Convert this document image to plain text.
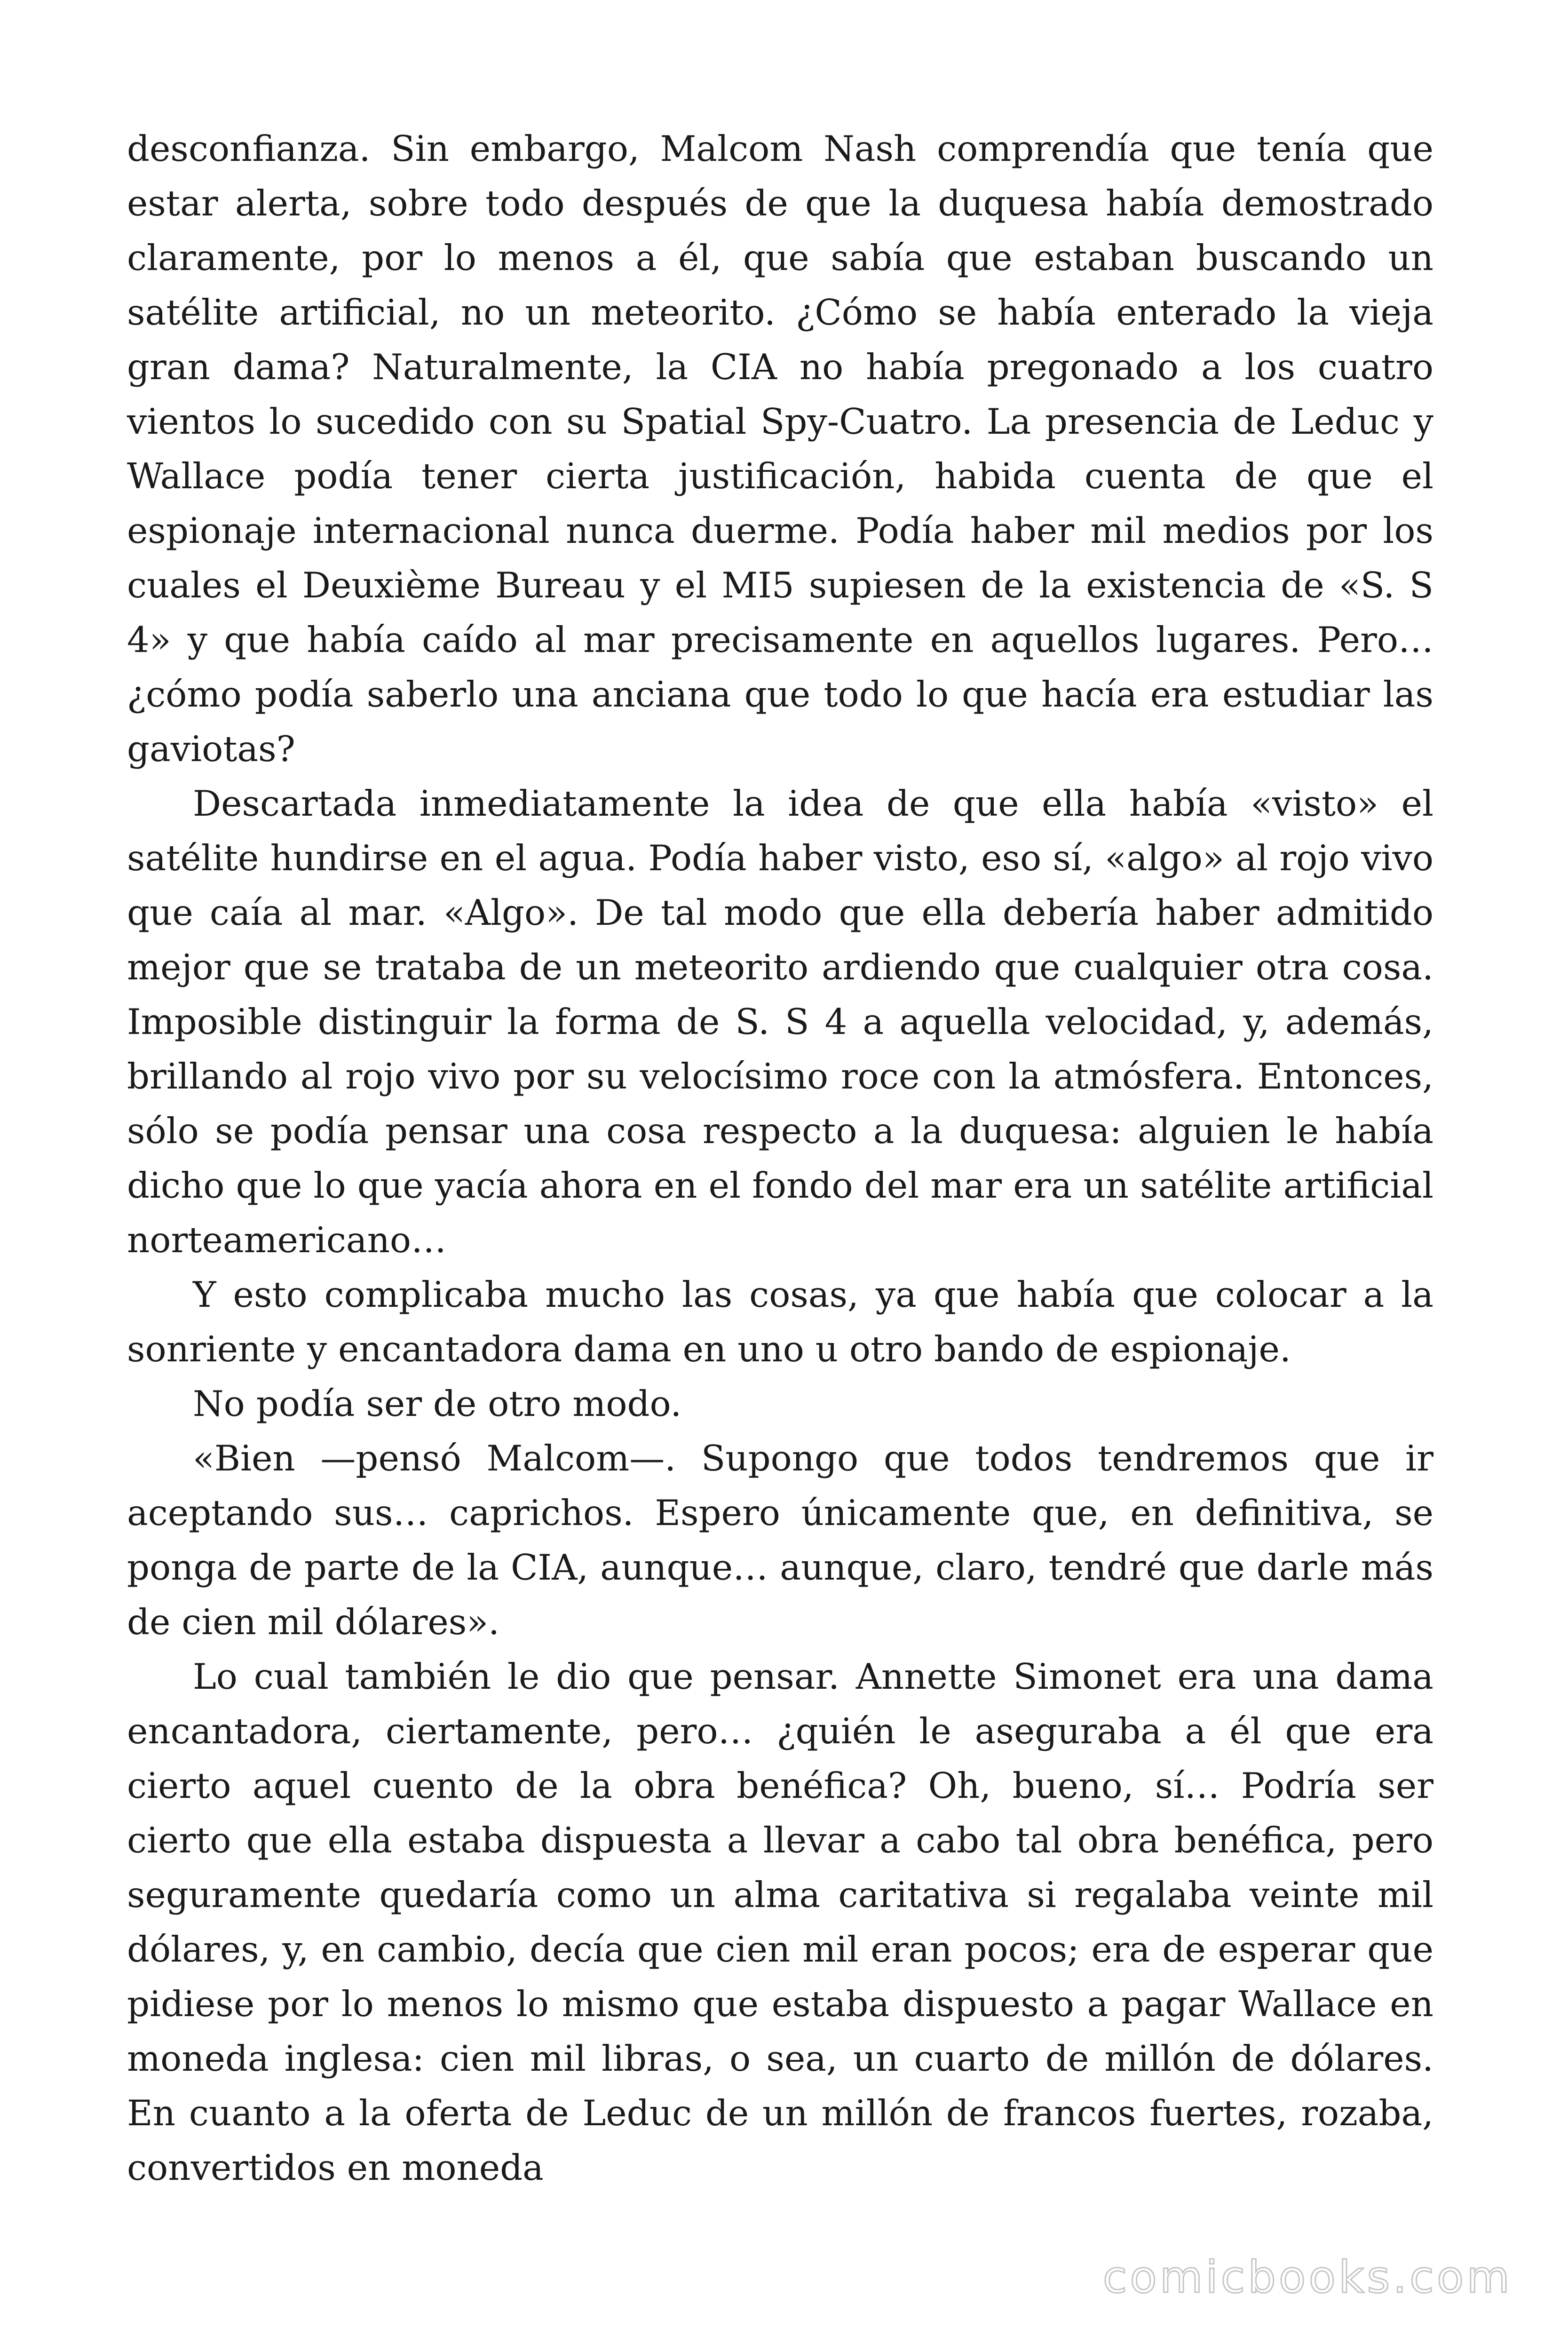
desconfianza. Sin embargo, Malcom Nash comprendía que tenía que estar alerta, sobre todo después de que la duquesa había demostrado claramente, por lo menos a él, que sabía que estaban buscando un satélite artificial, no un meteorito. ¿Cómo se había enterado la vieja gran dama? Naturalmente, la CIA no había pregonado a los cuatro vientos lo sucedido con su Spatial Spy-Cuatro. La presencia de Leduc y Wallace podía tener cierta justificación, habida cuenta de que el espionaje internacional nunca duerme. Podía haber mil medios por los cuales el Deuxième Bureau y el MI5 supiesen de la existencia de «S. S 4» y que había caído al mar precisamente en aquellos lugares. Pero… ¿cómo podía saberlo una anciana que todo lo que hacía era estudiar las gaviotas?

Descartada inmediatamente la idea de que ella había «visto» el satélite hundirse en el agua. Podía haber visto, eso sí, «algo» al rojo vivo que caía al mar. «Algo». De tal modo que ella debería haber admitido mejor que se trataba de un meteorito ardiendo que cualquier otra cosa. Imposible distinguir la forma de S. S 4 a aquella velocidad, y, además, brillando al rojo vivo por su velocísimo roce con la atmósfera. Entonces, sólo se podía pensar una cosa respecto a la duquesa: alguien le había dicho que lo que yacía ahora en el fondo del mar era un satélite artificial norteamericano…

Y esto complicaba mucho las cosas, ya que había que colocar a la sonriente y encantadora dama en uno u otro bando de espionaje.

No podía ser de otro modo.

«Bien —pensó Malcom—. Supongo que todos tendremos que ir aceptando sus… caprichos. Espero únicamente que, en definitiva, se ponga de parte de la CIA, aunque… aunque, claro, tendré que darle más de cien mil dólares».

Lo cual también le dio que pensar. Annette Simonet era una dama encantadora, ciertamente, pero… ¿quién le aseguraba a él que era cierto aquel cuento de la obra benéfica? Oh, bueno, sí… Podría ser cierto que ella estaba dispuesta a llevar a cabo tal obra benéfica, pero seguramente quedaría como un alma caritativa si regalaba veinte mil dólares, y, en cambio, decía que cien mil eran pocos; era de esperar que pidiese por lo menos lo mismo que estaba dispuesto a pagar Wallace en moneda inglesa: cien mil libras, o sea, un cuarto de millón de dólares. En cuanto a la oferta de Leduc de un millón de francos fuertes, rozaba, convertidos en moneda

comicbooks.com
